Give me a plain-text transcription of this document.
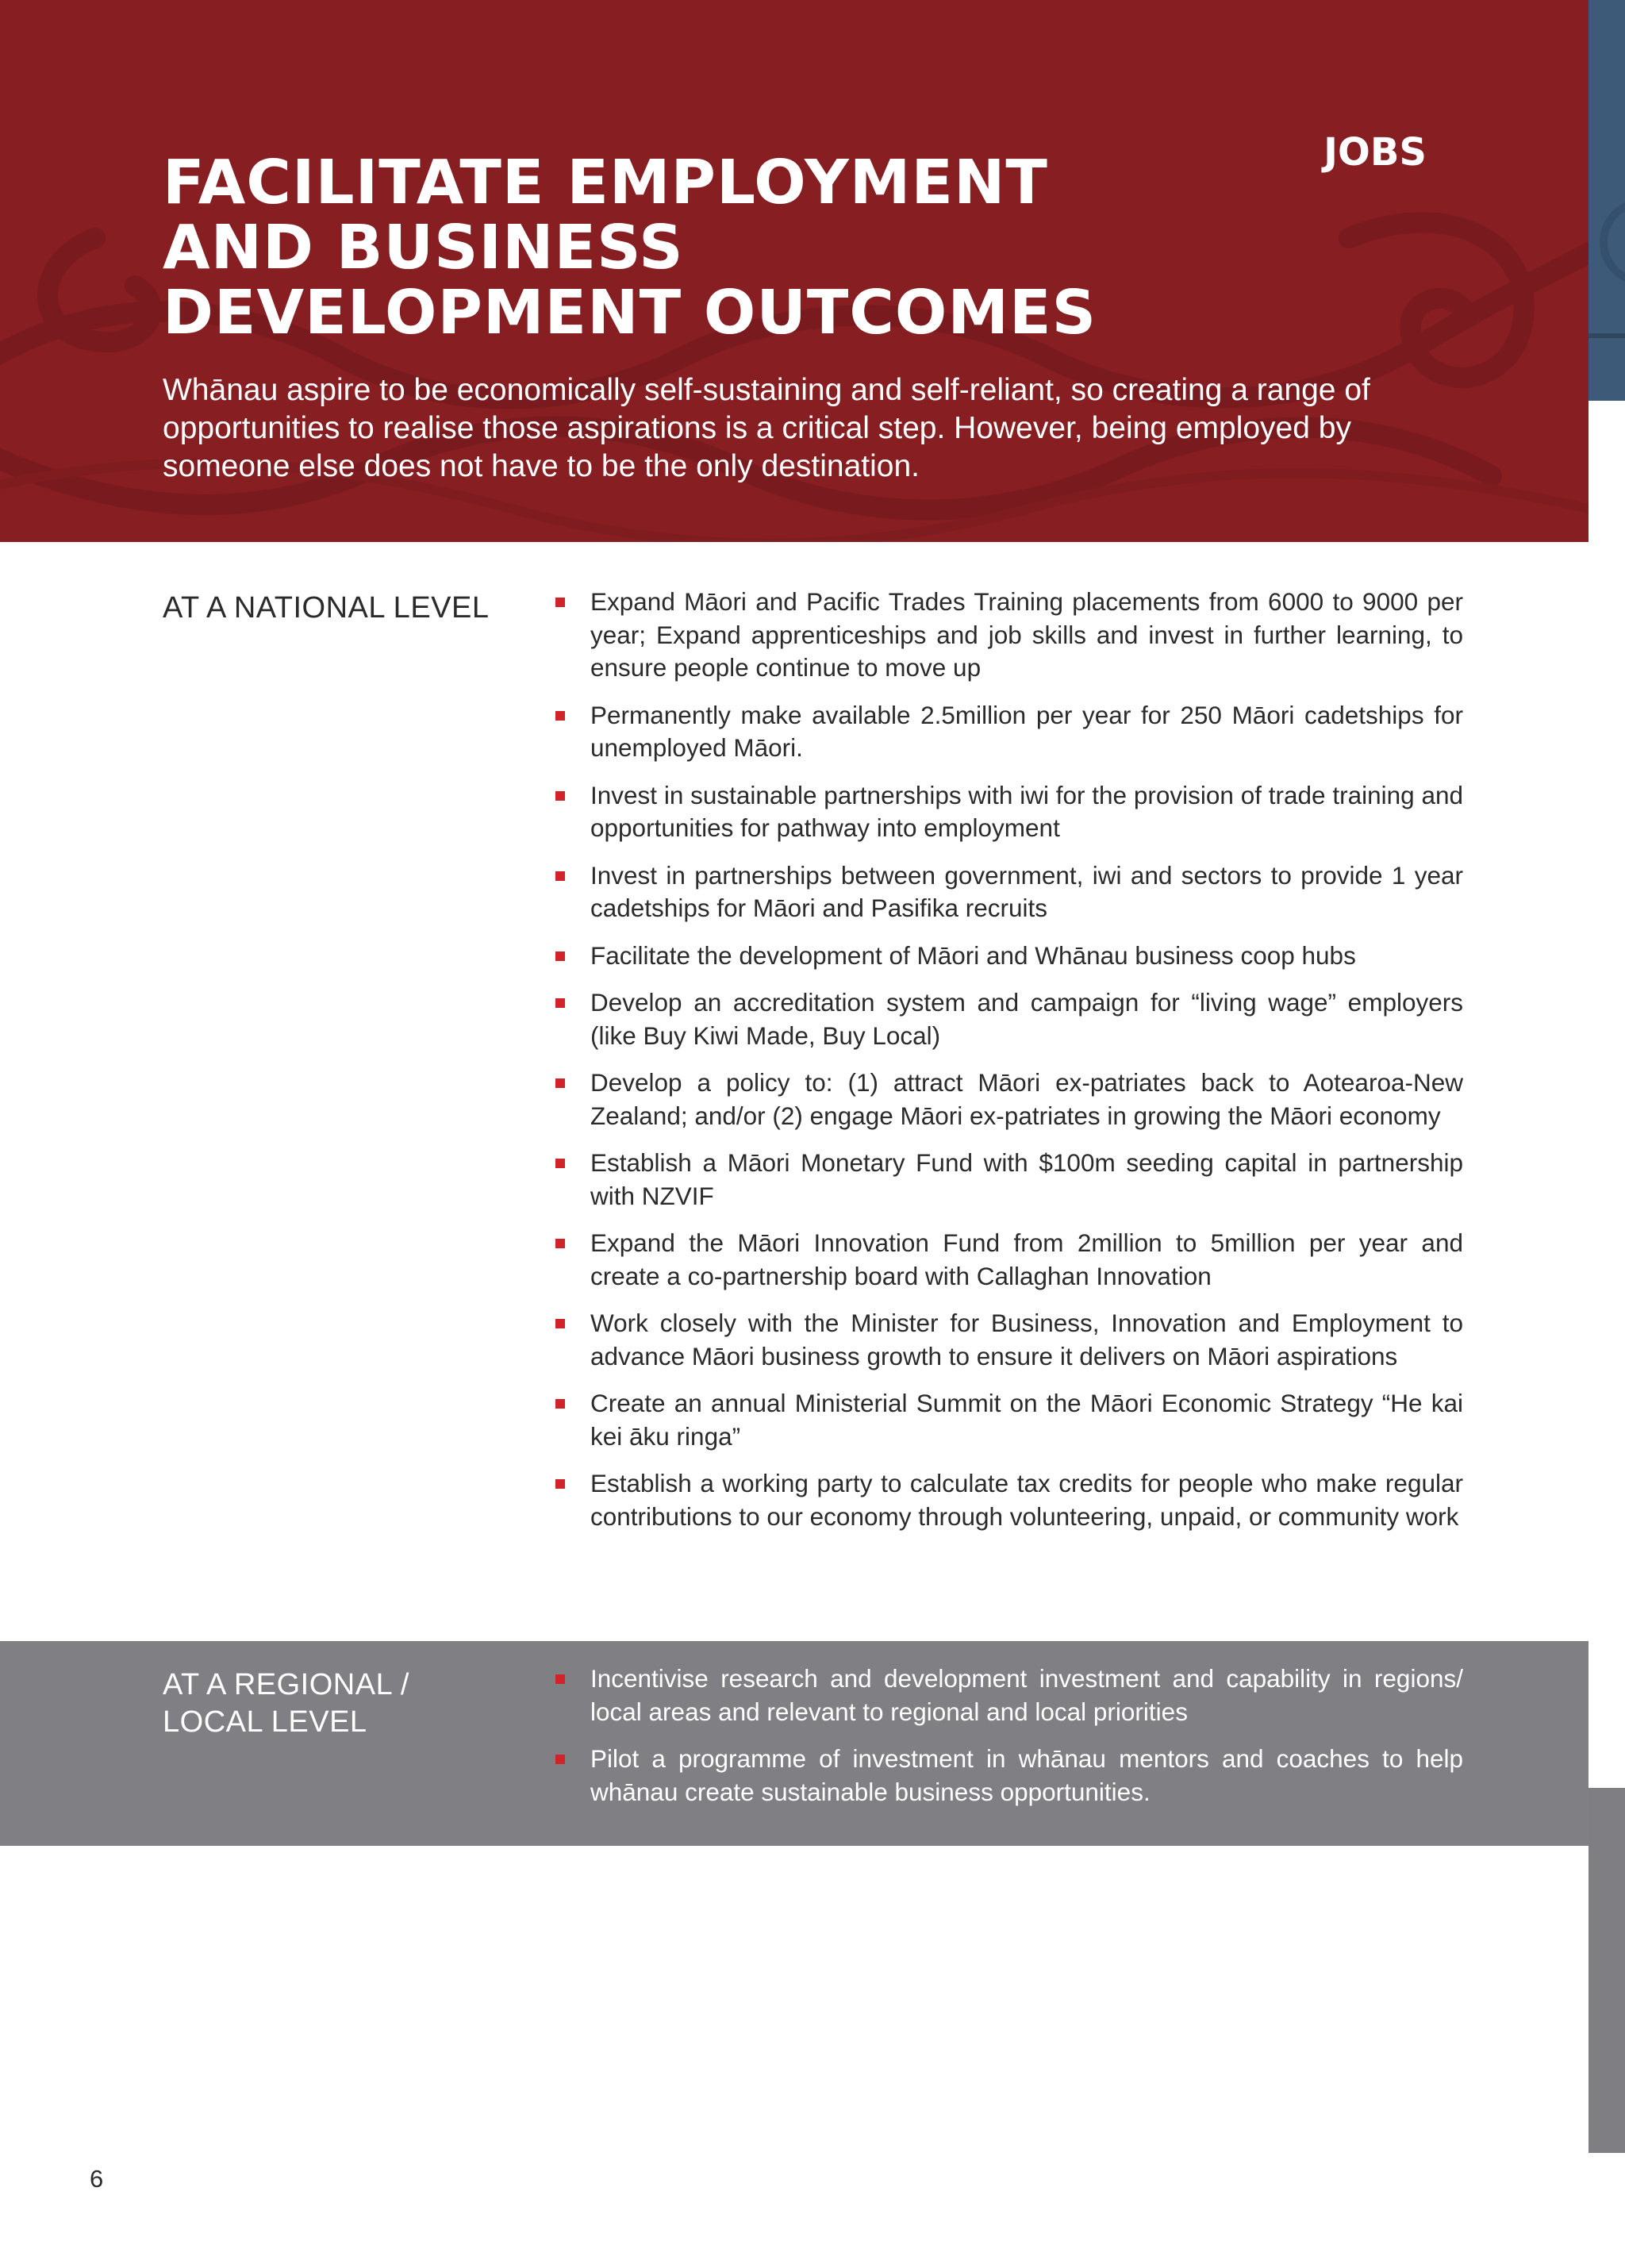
FACILITATE EMPLOYMENT
AND BUSINESS
DEVELOPMENT OUTCOMES
JOBS

Whānau aspire to be economically self-sustaining and self-reliant, so creating a range of opportunities to realise those aspirations is a critical step. However, being employed by someone else does not have to be the only destination.

AT A NATIONAL LEVEL	Expand Māori and Pacific Trades Training placements from 6000 to 9000 per year; Expand apprenticeships and job skills and invest in further learning, to ensure people continue to move up
Permanently make available 2.5million per year for 250 Māori cadetships for unemployed Māori.
Invest in sustainable partnerships with iwi for the provision of trade training and opportunities for pathway into employment
Invest in partnerships between government, iwi and sectors to provide 1 year cadetships for Māori and Pasifika recruits
Facilitate the development of Māori and Whānau business coop hubs
Develop an accreditation system and campaign for “living wage” employers (like Buy Kiwi Made, Buy Local)
Develop a policy to: (1) attract Māori ex-patriates back to Aotearoa-New Zealand; and/or (2) engage Māori ex-patriates in growing the Māori economy
Establish a Māori Monetary Fund with $100m seeding capital in partnership with NZVIF
Expand the Māori Innovation Fund from 2million to 5million per year and create a co-partnership board with Callaghan Innovation
Work closely with the Minister for Business, Innovation and Employment to advance Māori business growth to ensure it delivers on Māori aspirations
Create an annual Ministerial Summit on the Māori Economic Strategy “He kai kei āku ringa”
Establish a working party to calculate tax credits for people who make regular contributions to our economy through volunteering, unpaid, or community work
AT A REGIONAL /
LOCAL LEVEL
Incentivise research and development investment and capability in regions/ local areas and relevant to regional and local priorities
Pilot a programme of investment in whānau mentors and coaches to help whānau create sustainable business opportunities.
6
